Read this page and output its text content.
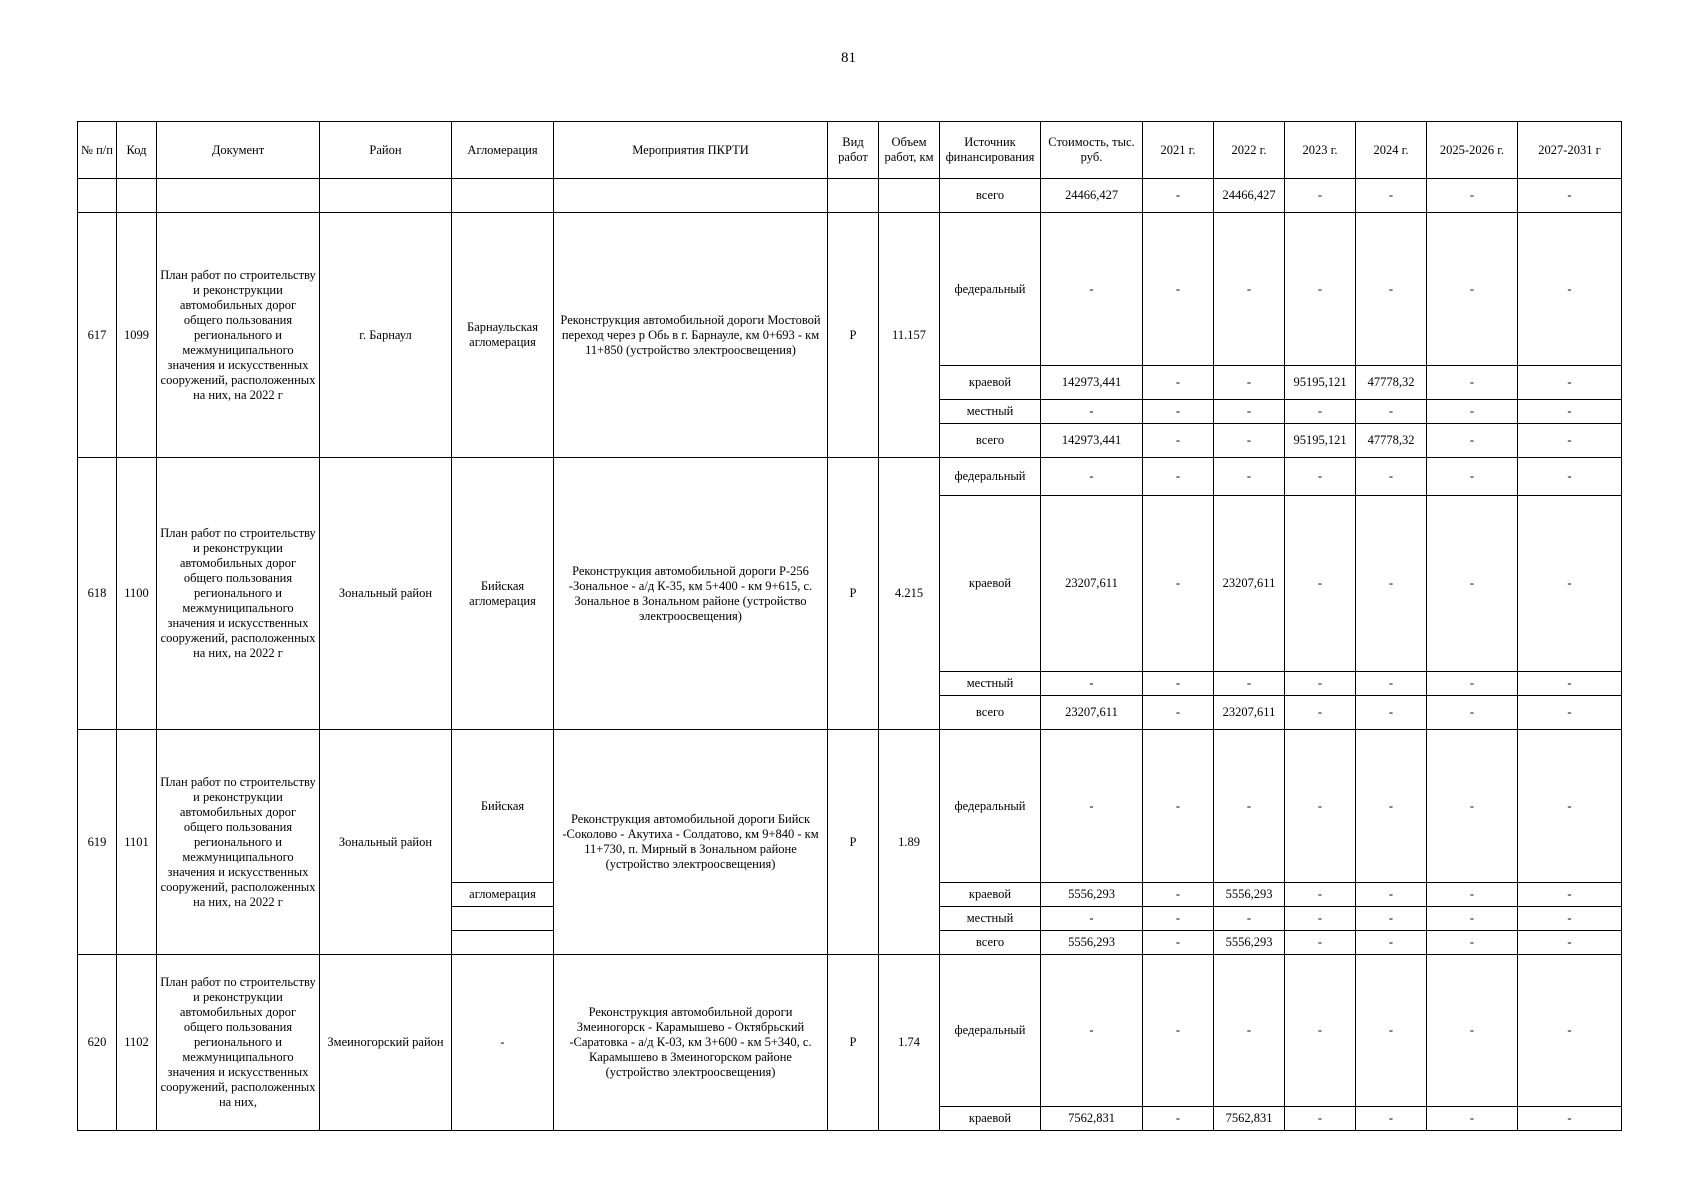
81
№ п/п	Код	Документ	Район	Агломерация	Мероприятия ПКРТИ	Вид работ	Объем работ, км	Источник финансирования	Стоимость, тыс. руб.	2021 г.	2022 г.	2023 г.	2024 г.	2025-2026 г.	2027-2031 г
								всего	24466,427	-	24466,427	-	-	-	-
617	1099	План работ по строительству и реконструкции автомобильных дорог общего пользования регионального и межмуниципального значения и искусственных сооружений, расположенных на них, на 2022 г	г. Барнаул	Барнаульская агломерация	Реконструкция автомобильной дороги Мостовой переход через р Обь в г. Барнауле, км 0+693 - км 11+850 (устройство электроосвещения)	Р	11.157	федеральный	-	-	-	-	-	-	-
								краевой	142973,441	-	-	95195,121	47778,32	-	-
								местный	-	-	-	-	-	-	-
								всего	142973,441	-	-	95195,121	47778,32	-	-
618	1100	План работ по строительству и реконструкции автомобильных дорог общего пользования регионального и межмуниципального значения и искусственных сооружений, расположенных на них, на 2022 г	Зональный район	Бийская агломерация	Реконструкция автомобильной дороги Р-256 -Зональное - а/д К-35, км 5+400 - км 9+615, с. Зональное в Зональном районе (устройство электроосвещения)	Р	4.215	федеральный	-	-	-	-	-	-	-
								краевой	23207,611	-	23207,611	-	-	-	-
								местный	-	-	-	-	-	-	-
								всего	23207,611	-	23207,611	-	-	-	-
619	1101	План работ по строительству и реконструкции автомобильных дорог общего пользования регионального и межмуниципального значения и искусственных сооружений, расположенных на них, на 2022 г	Зональный район	Бийская	Реконструкция автомобильной дороги Бийск -Соколово - Акутиха - Солдатово, км 9+840 - км 11+730, п. Мирный в Зональном районе (устройство электроосвещения)	Р	1.89	федеральный	-	-	-	-	-	-	-
				агломерация				краевой	5556,293	-	5556,293	-	-	-	-
								местный	-	-	-	-	-	-	-
								всего	5556,293	-	5556,293	-	-	-	-
620	1102	План работ по строительству и реконструкции автомобильных дорог общего пользования регионального и межмуниципального значения и искусственных сооружений, расположенных на них,	Змеиногорский район	-	Реконструкция автомобильной дороги Змеиногорск - Карамышево - Октябрьский -Саратовка - а/д К-03, км 3+600 - км 5+340, с. Карамышево в Змеиногорском районе (устройство электроосвещения)	Р	1.74	федеральный	-	-	-	-	-	-	-
								краевой	7562,831	-	7562,831	-	-	-	-
